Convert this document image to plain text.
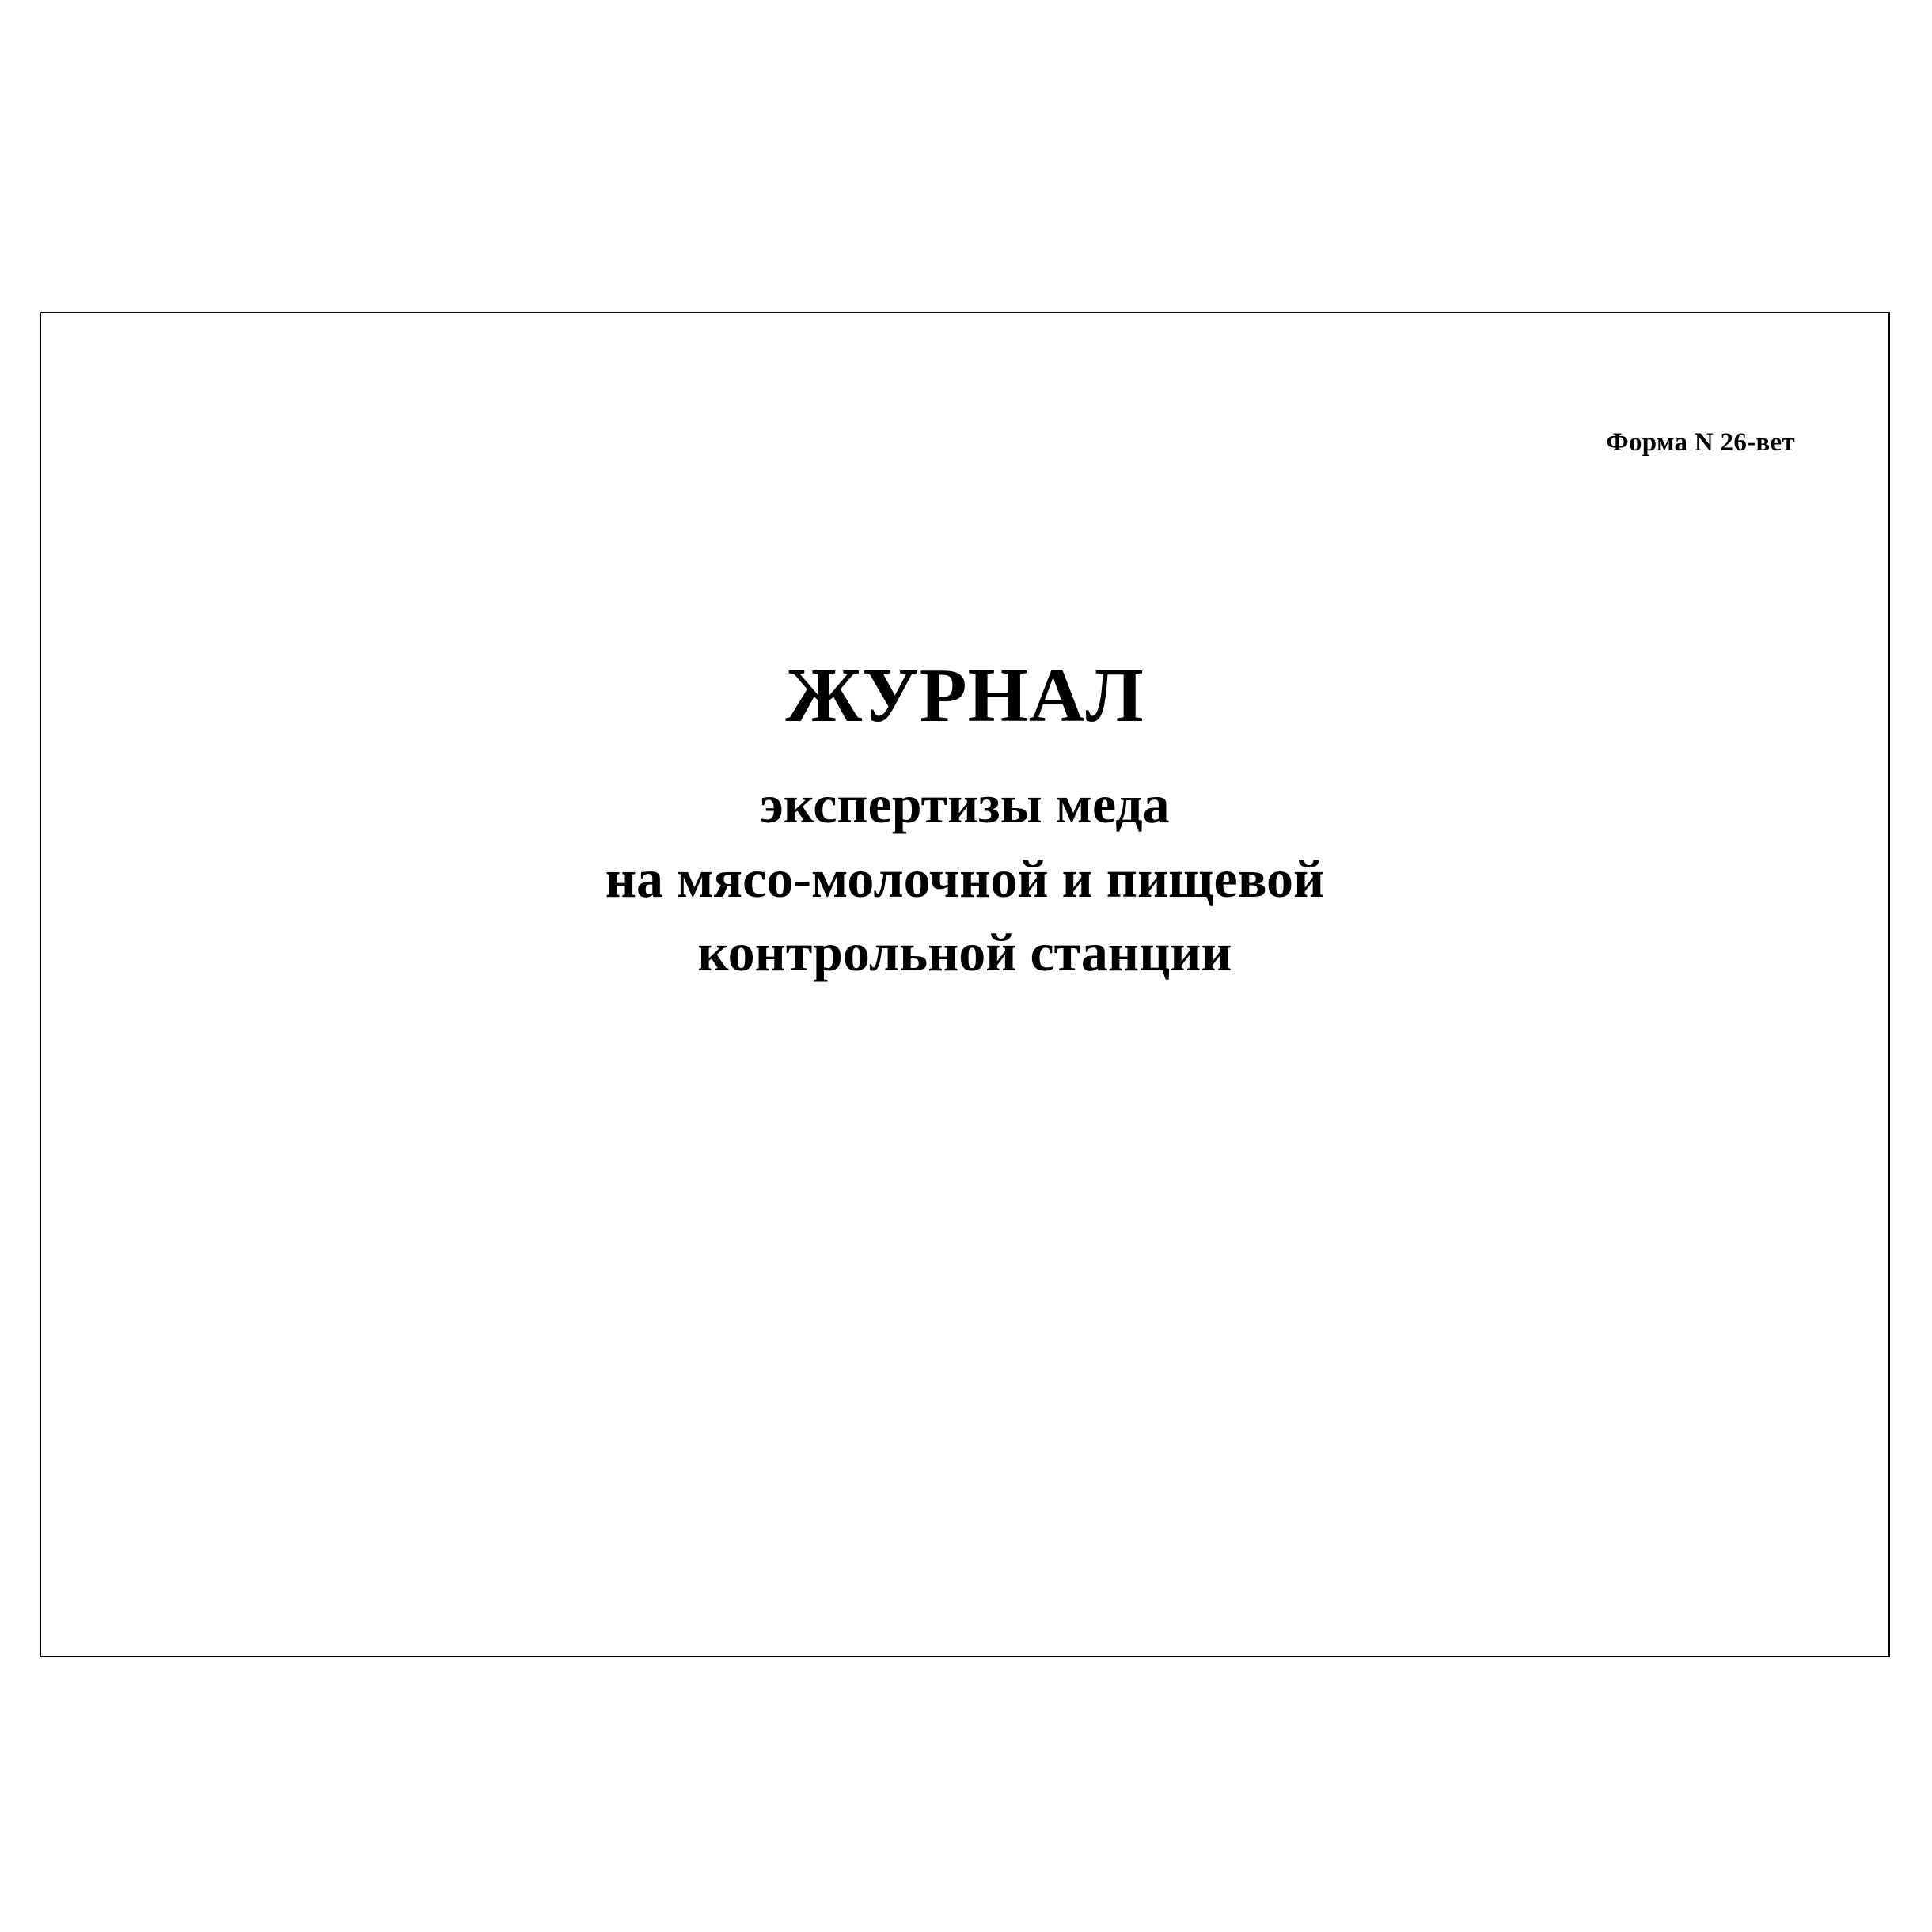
Форма N 26-вет
ЖУРНАЛ
экспертизы меда
на мясо-молочной и пищевой
контрольной станции
